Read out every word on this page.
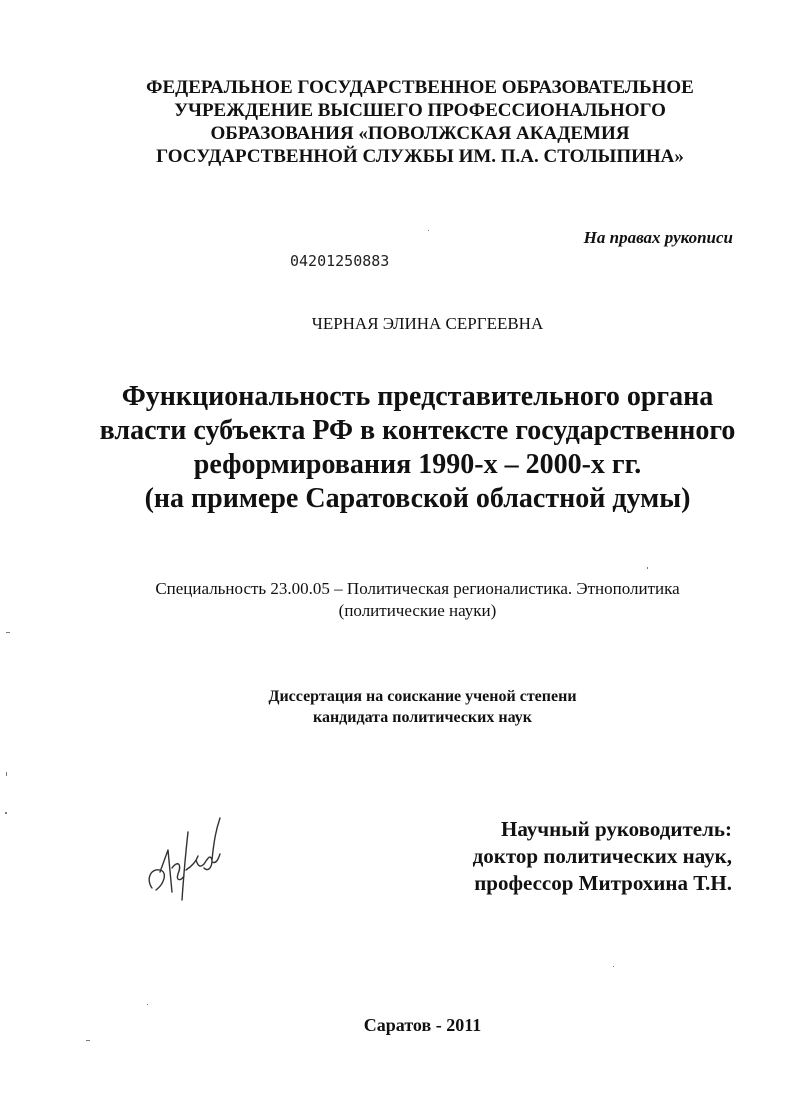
ФЕДЕРАЛЬНОЕ ГОСУДАРСТВЕННОЕ ОБРАЗОВАТЕЛЬНОЕ
УЧРЕЖДЕНИЕ ВЫСШЕГО ПРОФЕССИОНАЛЬНОГО
ОБРАЗОВАНИЯ «ПОВОЛЖСКАЯ АКАДЕМИЯ
ГОСУДАРСТВЕННОЙ СЛУЖБЫ ИМ. П.А. СТОЛЫПИНА»
На правах рукописи
04201250883
ЧЕРНАЯ ЭЛИНА СЕРГЕЕВНА
Функциональность представительного органа
власти субъекта РФ в контексте государственного
реформирования 1990-х – 2000-х гг.
(на примере Саратовской областной думы)
Специальность 23.00.05 – Политическая регионалистика. Этнополитика
(политические науки)
Диссертация на соискание ученой степени
кандидата политических наук
Научный руководитель:
доктор политических наук,
профессор Митрохина Т.Н.
Саратов - 2011
